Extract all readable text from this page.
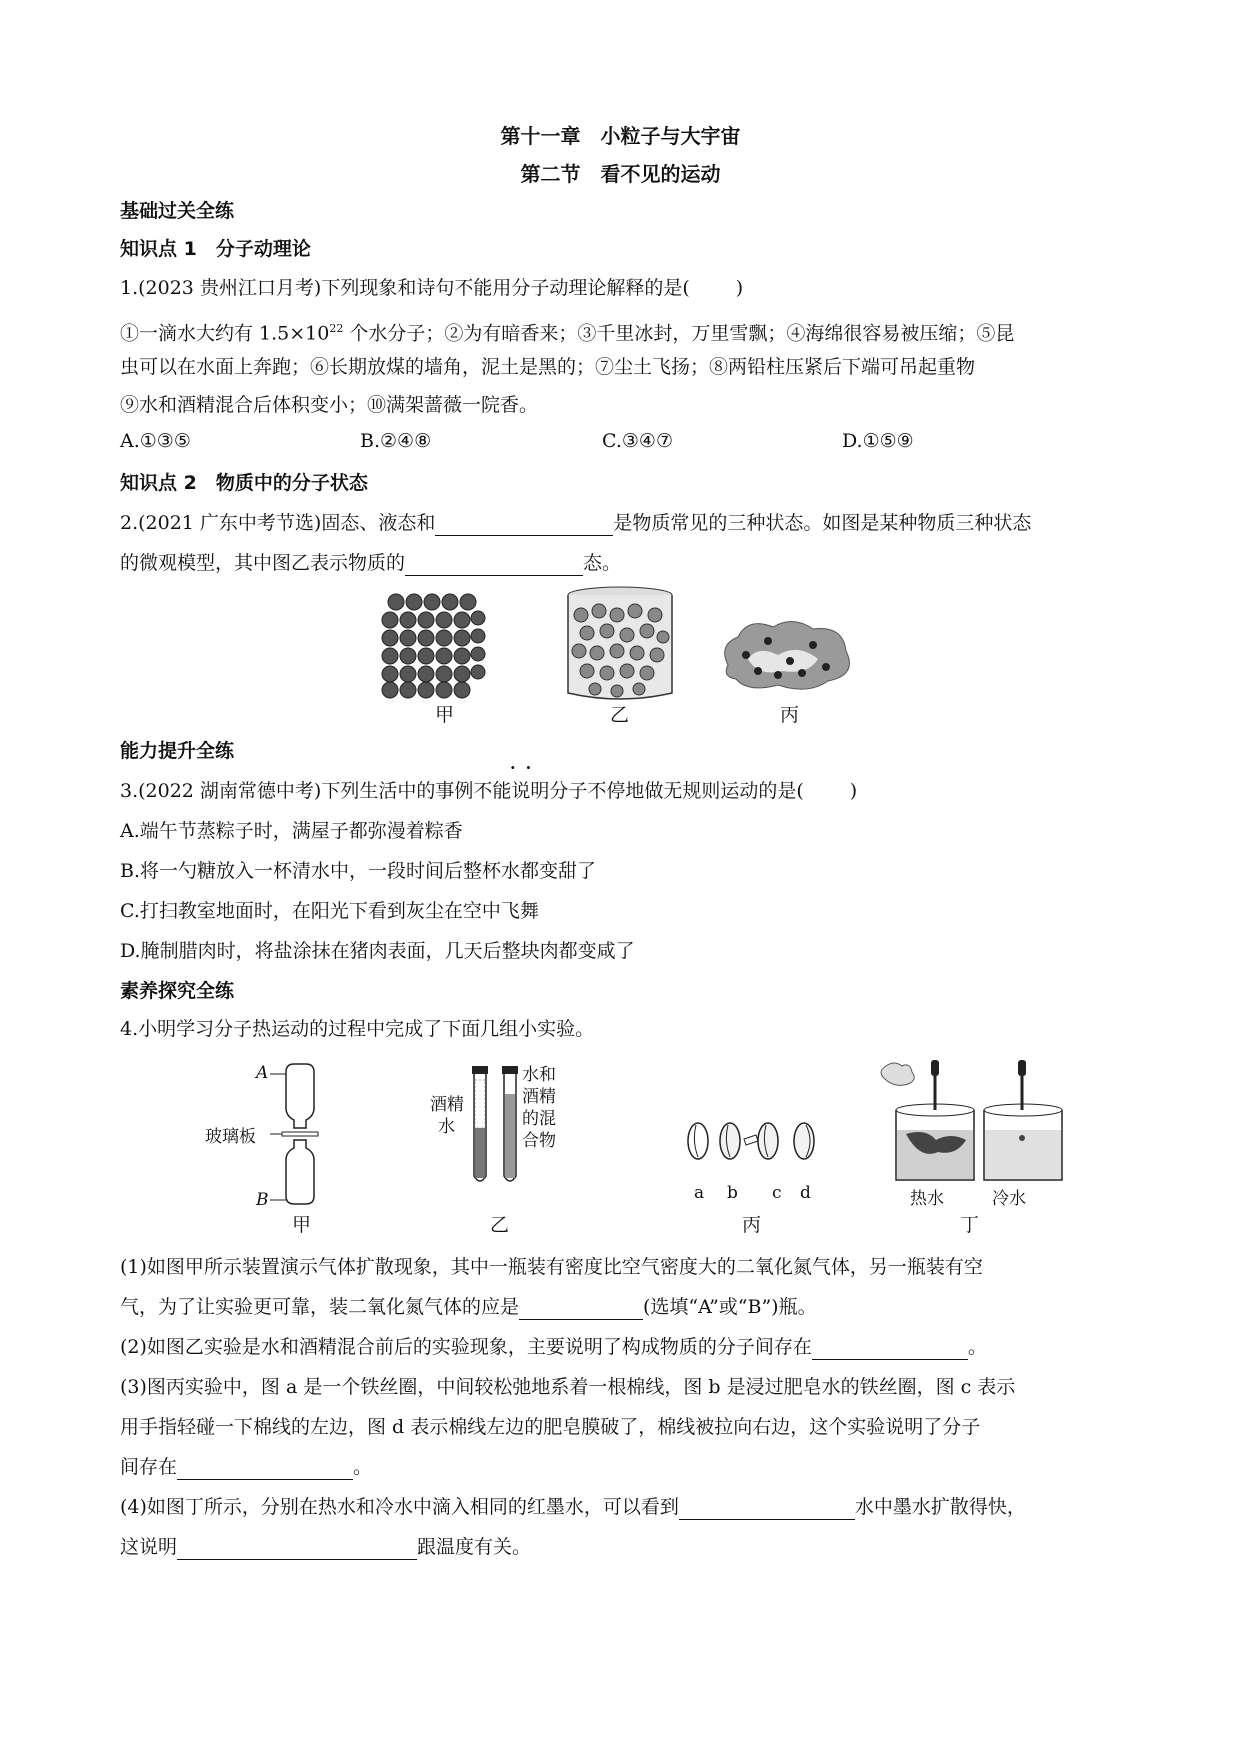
第十一章　小粒子与大宇宙
第二节　看不见的运动
基础过关全练
知识点 1　分子动理论
1.(2023 贵州江口月考)下列现象和诗句不能用分子动理论解释的是( )
①一滴水大约有 $1.5\times 10^{22}$ 个水分子；②为有暗香来；③千里冰封，万里雪飘；④海绵很容易被压缩；⑤昆
虫可以在水面上奔跑；⑥长期放煤的墙角，泥土是黑的；⑦尘土飞扬；⑧两铅柱压紧后下端可吊起重物
⑨水和酒精混合后体积变小；⑩满架蔷薇一院香。
A.①③⑤	B.②④⑧	C.③④⑦	D.①⑤⑨
知识点 2　物质中的分子状态
2.(2021 广东中考节选)固态、液态和	是物质常见的三种状态。如图是某种物质三种状态
的微观模型，其中图乙表示物质的	态。
甲	乙	丙
能力提升全练
··
3.(2022 湖南常德中考)下列生活中的事例不能说明分子不停地做无规则运动的是( )
A.端午节蒸粽子时，满屋子都弥漫着粽香
B.将一勺糖放入一杯清水中，一段时间后整杯水都变甜了
C.打扫教室地面时，在阳光下看到灰尘在空中飞舞
D.腌制腊肉时，将盐涂抹在猪肉表面，几天后整块肉都变咸了
素养探究全练
4.小明学习分子热运动的过程中完成了下面几组小实验。
A
B
玻璃板
甲
酒精
水
水和
酒精
的混
合物
乙
a b c d
丙
热水	冷水
丁
(1)如图甲所示装置演示气体扩散现象，其中一瓶装有密度比空气密度大的二氧化氮气体，另一瓶装有空
气，为了让实验更可靠，装二氧化氮气体的应是	(选填“A”或“B”)瓶。
(2)如图乙实验是水和酒精混合前后的实验现象，主要说明了构成物质的分子间存在	。
(3)图丙实验中，图 a 是一个铁丝圈，中间较松弛地系着一根棉线，图 b 是浸过肥皂水的铁丝圈，图 c 表示
用手指轻碰一下棉线的左边，图 d 表示棉线左边的肥皂膜破了，棉线被拉向右边，这个实验说明了分子
间存在	。
(4)如图丁所示，分别在热水和冷水中滴入相同的红墨水，可以看到	水中墨水扩散得快，
这说明	跟温度有关。
